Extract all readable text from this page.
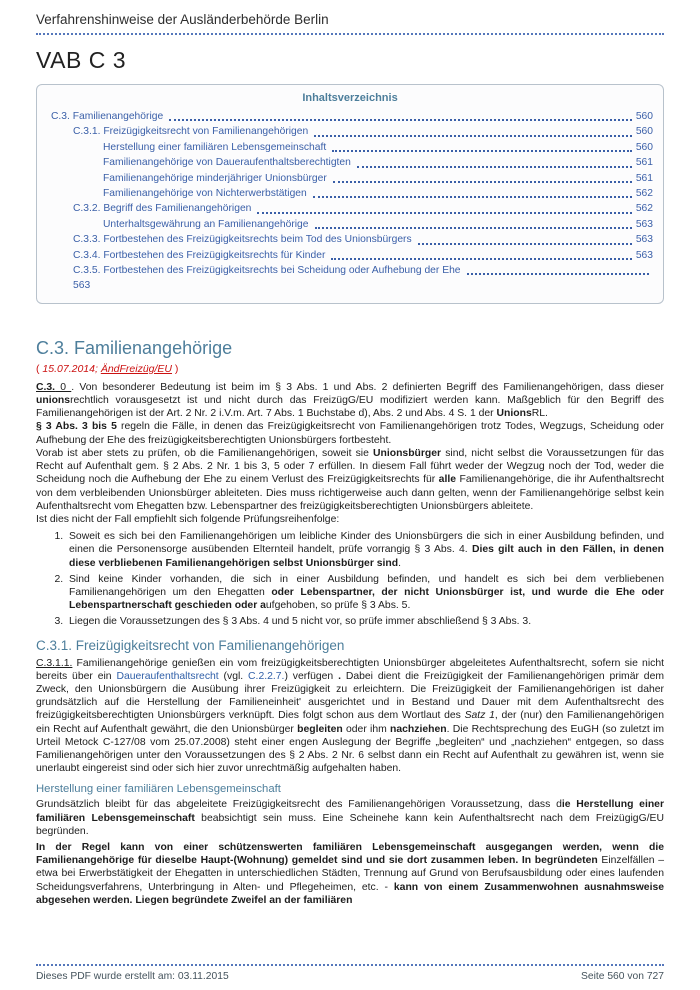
Verfahrenshinweise der Ausländerbehörde Berlin
VAB C 3
Inhaltsverzeichnis
C.3. Familienangehörige	560
C.3.1. Freizügigkeitsrecht von Familienangehörigen	560
Herstellung einer familiären Lebensgemeinschaft	560
Familienangehörige von Daueraufenthaltsberechtigten	561
Familienangehörige minderjähriger Unionsbürger	561
Familienangehörige von Nichterwerbstätigen	562
C.3.2. Begriff des Familienangehörigen	562
Unterhaltsgewährung an Familienangehörige	563
C.3.3. Fortbestehen des Freizügigkeitsrechts beim Tod des Unionsbürgers	563
C.3.4. Fortbestehen des Freizügigkeitsrechts für Kinder	563
C.3.5. Fortbestehen des Freizügigkeitsrechts bei Scheidung oder Aufhebung der Ehe
563
C.3. Familienangehörige

( 15.07.2014; ÄndFreizüg/EU )

C.3. 0 . Von besonderer Bedeutung ist beim im § 3 Abs. 1 und Abs. 2 definierten Begriff des Familienangehörigen, dass dieser unionsrechtlich vorausgesetzt ist und nicht durch das FreizügG/EU modifiziert werden kann. Maßgeblich für den Begriff des Familienangehörigen ist der Art. 2 Nr. 2 i.V.m. Art. 7 Abs. 1 Buchstabe d), Abs. 2 und Abs. 4 S. 1 der UnionsRL.

§ 3 Abs. 3 bis 5 regeln die Fälle, in denen das Freizügigkeitsrecht von Familienangehörigen trotz Todes, Wegzugs, Scheidung oder Aufhebung der Ehe des freizügigkeitsberechtigten Unionsbürgers fortbesteht.

Vorab ist aber stets zu prüfen, ob die Familienangehörigen, soweit sie Unionsbürger sind, nicht selbst die Voraussetzungen für das Recht auf Aufenthalt gem. § 2 Abs. 2 Nr. 1 bis 3, 5 oder 7 erfüllen. In diesem Fall führt weder der Wegzug noch der Tod, weder die Scheidung noch die Aufhebung der Ehe zu einem Verlust des Freizügigkeitsrechts für alle Familienangehörige, die ihr Aufenthaltsrecht von dem verbleibenden Unionsbürger ableiteten. Dies muss richtigerweise auch dann gelten, wenn der Familienangehörige selbst kein Aufenthaltsrecht vom Ehegatten bzw. Lebenspartner des freizügigkeitsberechtigten Unionsbürgers ableitete.

Ist dies nicht der Fall empfiehlt sich folgende Prüfungsreihenfolge:

1. Soweit es sich bei den Familienangehörigen um leibliche Kinder des Unionsbürgers die sich in einer Ausbildung befinden, und einen die Personensorge ausübenden Elternteil handelt, prüfe vorrangig § 3 Abs. 4. Dies gilt auch in den Fällen, in denen diese verbliebenen Familienangehörigen selbst Unionsbürger sind.
2. Sind keine Kinder vorhanden, die sich in einer Ausbildung befinden, und handelt es sich bei dem verbliebenen Familienangehörigen um den Ehegatten oder Lebenspartner, der nicht Unionsbürger ist, und wurde die Ehe oder Lebenspartnerschaft geschieden oder aufgehoben, so prüfe § 3 Abs. 5.
3. Liegen die Voraussetzungen des § 3 Abs. 4 und 5 nicht vor, so prüfe immer abschließend § 3 Abs. 3.
C.3.1. Freizügigkeitsrecht von Familienangehörigen

C.3.1.1. Familienangehörige genießen ein vom freizügigkeitsberechtigten Unionsbürger abgeleitetes Aufenthaltsrecht, sofern sie nicht bereits über ein Daueraufenthaltsrecht (vgl. C.2.2.7.) verfügen . Dabei dient die Freizügigkeit der Familienangehörigen primär dem Zweck, den Unionsbürgern die Ausübung ihrer Freizügigkeit zu erleichtern. Die Freizügigkeit der Familienangehörigen ist daher grundsätzlich auf die Herstellung der Familieneinheit' ausgerichtet und in Bestand und Dauer mit dem Aufenthaltsrecht des freizügigkeitsberechtigten Unionsbürgers verknüpft. Dies folgt schon aus dem Wortlaut des Satz 1, der (nur) den Familienangehörigen ein Recht auf Aufenthalt gewährt, die den Unionsbürger begleiten oder ihm nachziehen. Die Rechtsprechung des EuGH (so zuletzt im Urteil Metock C-127/08 vom 25.07.2008) steht einer engen Auslegung der Begriffe „begleiten“ und „nachziehen“ entgegen, so dass Familienangehörigen unter den Voraussetzungen des § 2 Abs. 2 Nr. 6 selbst dann ein Recht auf Aufenthalt zu gewähren ist, wenn sie unerlaubt eingereist sind oder sich hier zuvor unrechtmäßig aufgehalten haben.

Herstellung einer familiären Lebensgemeinschaft

Grundsätzlich bleibt für das abgeleitete Freizügigkeitsrecht des Familienangehörigen Voraussetzung, dass die Herstellung einer familiären Lebensgemeinschaft beabsichtigt sein muss. Eine Scheinehe kann kein Aufenthaltsrecht nach dem FreizügigG/EU begründen.

In der Regel kann von einer schützenswerten familiären Lebensgemeinschaft ausgegangen werden, wenn die Familienangehörige für dieselbe Haupt-(Wohnung) gemeldet sind und sie dort zusammen leben. In begründeten Einzelfällen – etwa bei Erwerbstätigkeit der Ehegatten in unterschiedlichen Städten, Trennung auf Grund von Berufsausbildung oder eines laufenden Scheidungsverfahrens, Unterbringung in Alten- und Pflegeheimen, etc. - kann von einem Zusammenwohnen ausnahmsweise abgesehen werden. Liegen begründete Zweifel an der familiären

Dieses PDF wurde erstellt am: 03.11.2015	Seite 560 von 727
